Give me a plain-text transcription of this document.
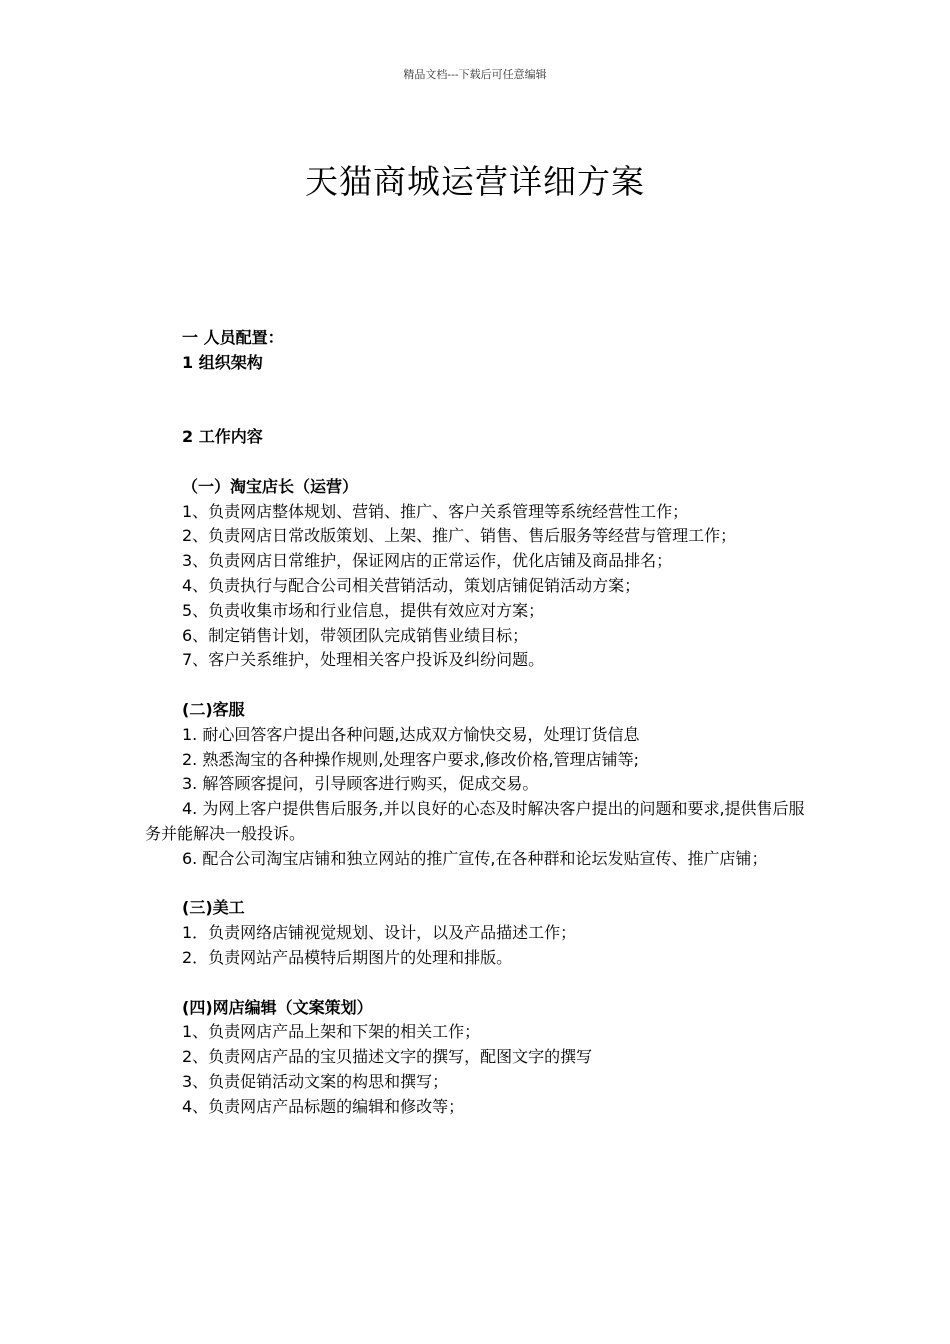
精品文档---下载后可任意编辑
天猫商城运营详细方案
一 人员配置：
1 组织架构
2 工作内容
（一）淘宝店长（运营）
1、负责网店整体规划、营销、推广、客户关系管理等系统经营性工作；
2、负责网店日常改版策划、上架、推广、销售、售后服务等经营与管理工作；
3、负责网店日常维护，保证网店的正常运作，优化店铺及商品排名；
4、负责执行与配合公司相关营销活动，策划店铺促销活动方案；
5、负责收集市场和行业信息，提供有效应对方案；
6、制定销售计划，带领团队完成销售业绩目标；
7、客户关系维护，处理相关客户投诉及纠纷问题。
(二)客服
1. 耐心回答客户提出各种问题,达成双方愉快交易，处理订货信息
2. 熟悉淘宝的各种操作规则,处理客户要求,修改价格,管理店铺等;
3. 解答顾客提问，引导顾客进行购买，促成交易。
4. 为网上客户提供售后服务,并以良好的心态及时解决客户提出的问题和要求,提供售后服务并能解决一般投诉。
6. 配合公司淘宝店铺和独立网站的推广宣传,在各种群和论坛发贴宣传、推广店铺；
(三)美工
1．负责网络店铺视觉规划、设计，以及产品描述工作；
2．负责网站产品模特后期图片的处理和排版。
(四)网店编辑（文案策划）
1、负责网店产品上架和下架的相关工作；
2、负责网店产品的宝贝描述文字的撰写，配图文字的撰写
3、负责促销活动文案的构思和撰写；
4、负责网店产品标题的编辑和修改等；
